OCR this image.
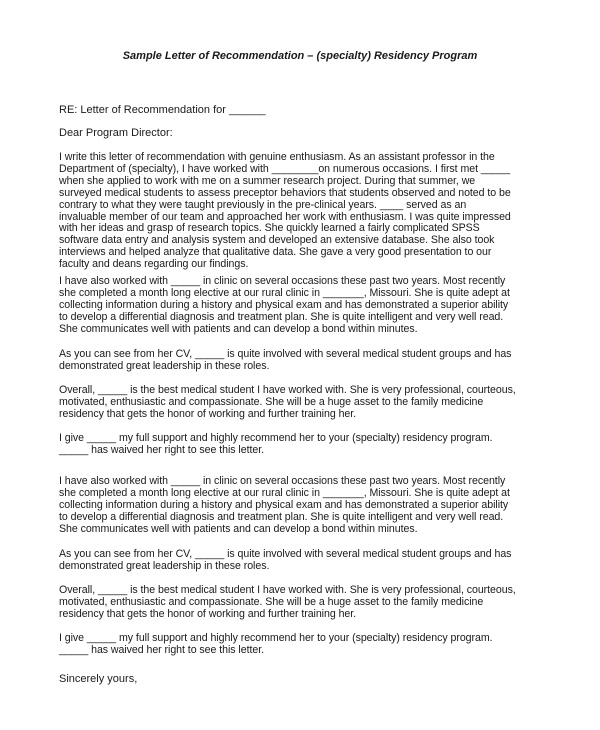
Sample Letter of Recommendation – (specialty) Residency Program

RE: Letter of Recommendation for ______

Dear Program Director:

I write this letter of recommendation with genuine enthusiasm. As an assistant professor in the Department of (specialty), I have worked with ________on numerous occasions. I first met _____ when she applied to work with me on a summer research project. During that summer, we surveyed medical students to assess preceptor behaviors that students observed and noted to be contrary to what they were taught previously in the pre-clinical years. ____ served as an invaluable member of our team and approached her work with enthusiasm. I was quite impressed with her ideas and grasp of research topics. She quickly learned a fairly complicated SPSS software data entry and analysis system and developed an extensive database. She also took interviews and helped analyze that qualitative data. She gave a very good presentation to our faculty and deans regarding our findings.

I have also worked with _____ in clinic on several occasions these past two years. Most recently she completed a month long elective at our rural clinic in _______, Missouri. She is quite adept at collecting information during a history and physical exam and has demonstrated a superior ability to develop a differential diagnosis and treatment plan. She is quite intelligent and very well read. She communicates well with patients and can develop a bond within minutes.

As you can see from her CV, _____ is quite involved with several medical student groups and has demonstrated great leadership in these roles.

Overall, _____ is the best medical student I have worked with. She is very professional, courteous, motivated, enthusiastic and compassionate. She will be a huge asset to the family medicine residency that gets the honor of working and further training her.

I give _____ my full support and highly recommend her to your (specialty) residency program. _____ has waived her right to see this letter.

I have also worked with _____ in clinic on several occasions these past two years. Most recently she completed a month long elective at our rural clinic in _______, Missouri. She is quite adept at collecting information during a history and physical exam and has demonstrated a superior ability to develop a differential diagnosis and treatment plan. She is quite intelligent and very well read. She communicates well with patients and can develop a bond within minutes.

As you can see from her CV, _____ is quite involved with several medical student groups and has demonstrated great leadership in these roles.

Overall, _____ is the best medical student I have worked with. She is very professional, courteous, motivated, enthusiastic and compassionate. She will be a huge asset to the family medicine residency that gets the honor of working and further training her.

I give _____ my full support and highly recommend her to your (specialty) residency program. _____ has waived her right to see this letter.

Sincerely yours,
